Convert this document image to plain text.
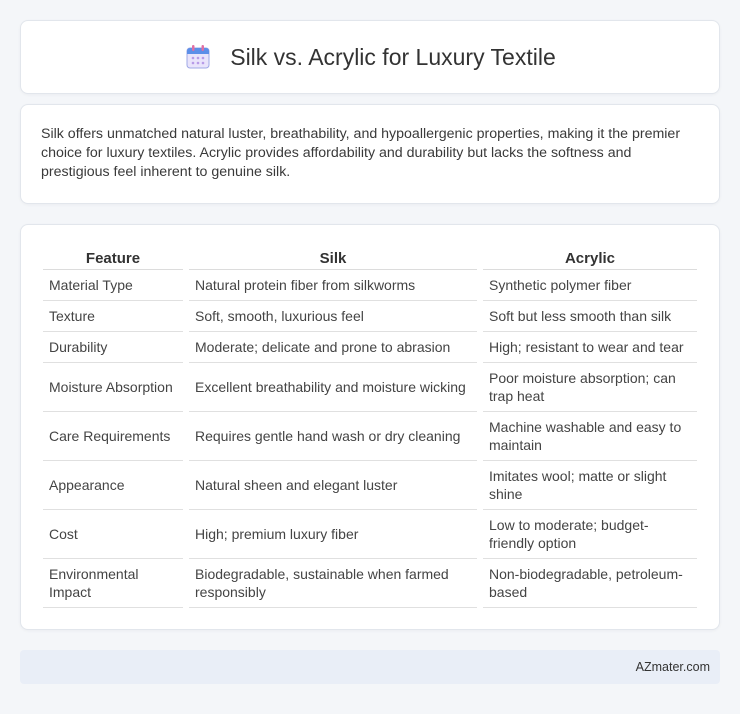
Silk vs. Acrylic for Luxury Textile

Silk offers unmatched natural luster, breathability, and hypoallergenic properties, making it the premier choice for luxury textiles. Acrylic provides affordability and durability but lacks the softness and prestigious feel inherent to genuine silk.

Feature	Silk	Acrylic
Material Type	Natural protein fiber from silkworms	Synthetic polymer fiber
Texture	Soft, smooth, luxurious feel	Soft but less smooth than silk
Durability	Moderate; delicate and prone to abrasion	High; resistant to wear and tear
Moisture Absorption	Excellent breathability and moisture wicking	Poor moisture absorption; can trap heat
Care Requirements	Requires gentle hand wash or dry cleaning	Machine washable and easy to maintain
Appearance	Natural sheen and elegant luster	Imitates wool; matte or slight shine
Cost	High; premium luxury fiber	Low to moderate; budget-friendly option
Environmental Impact	Biodegradable, sustainable when farmed responsibly	Non-biodegradable, petroleum-based
AZmater.com
